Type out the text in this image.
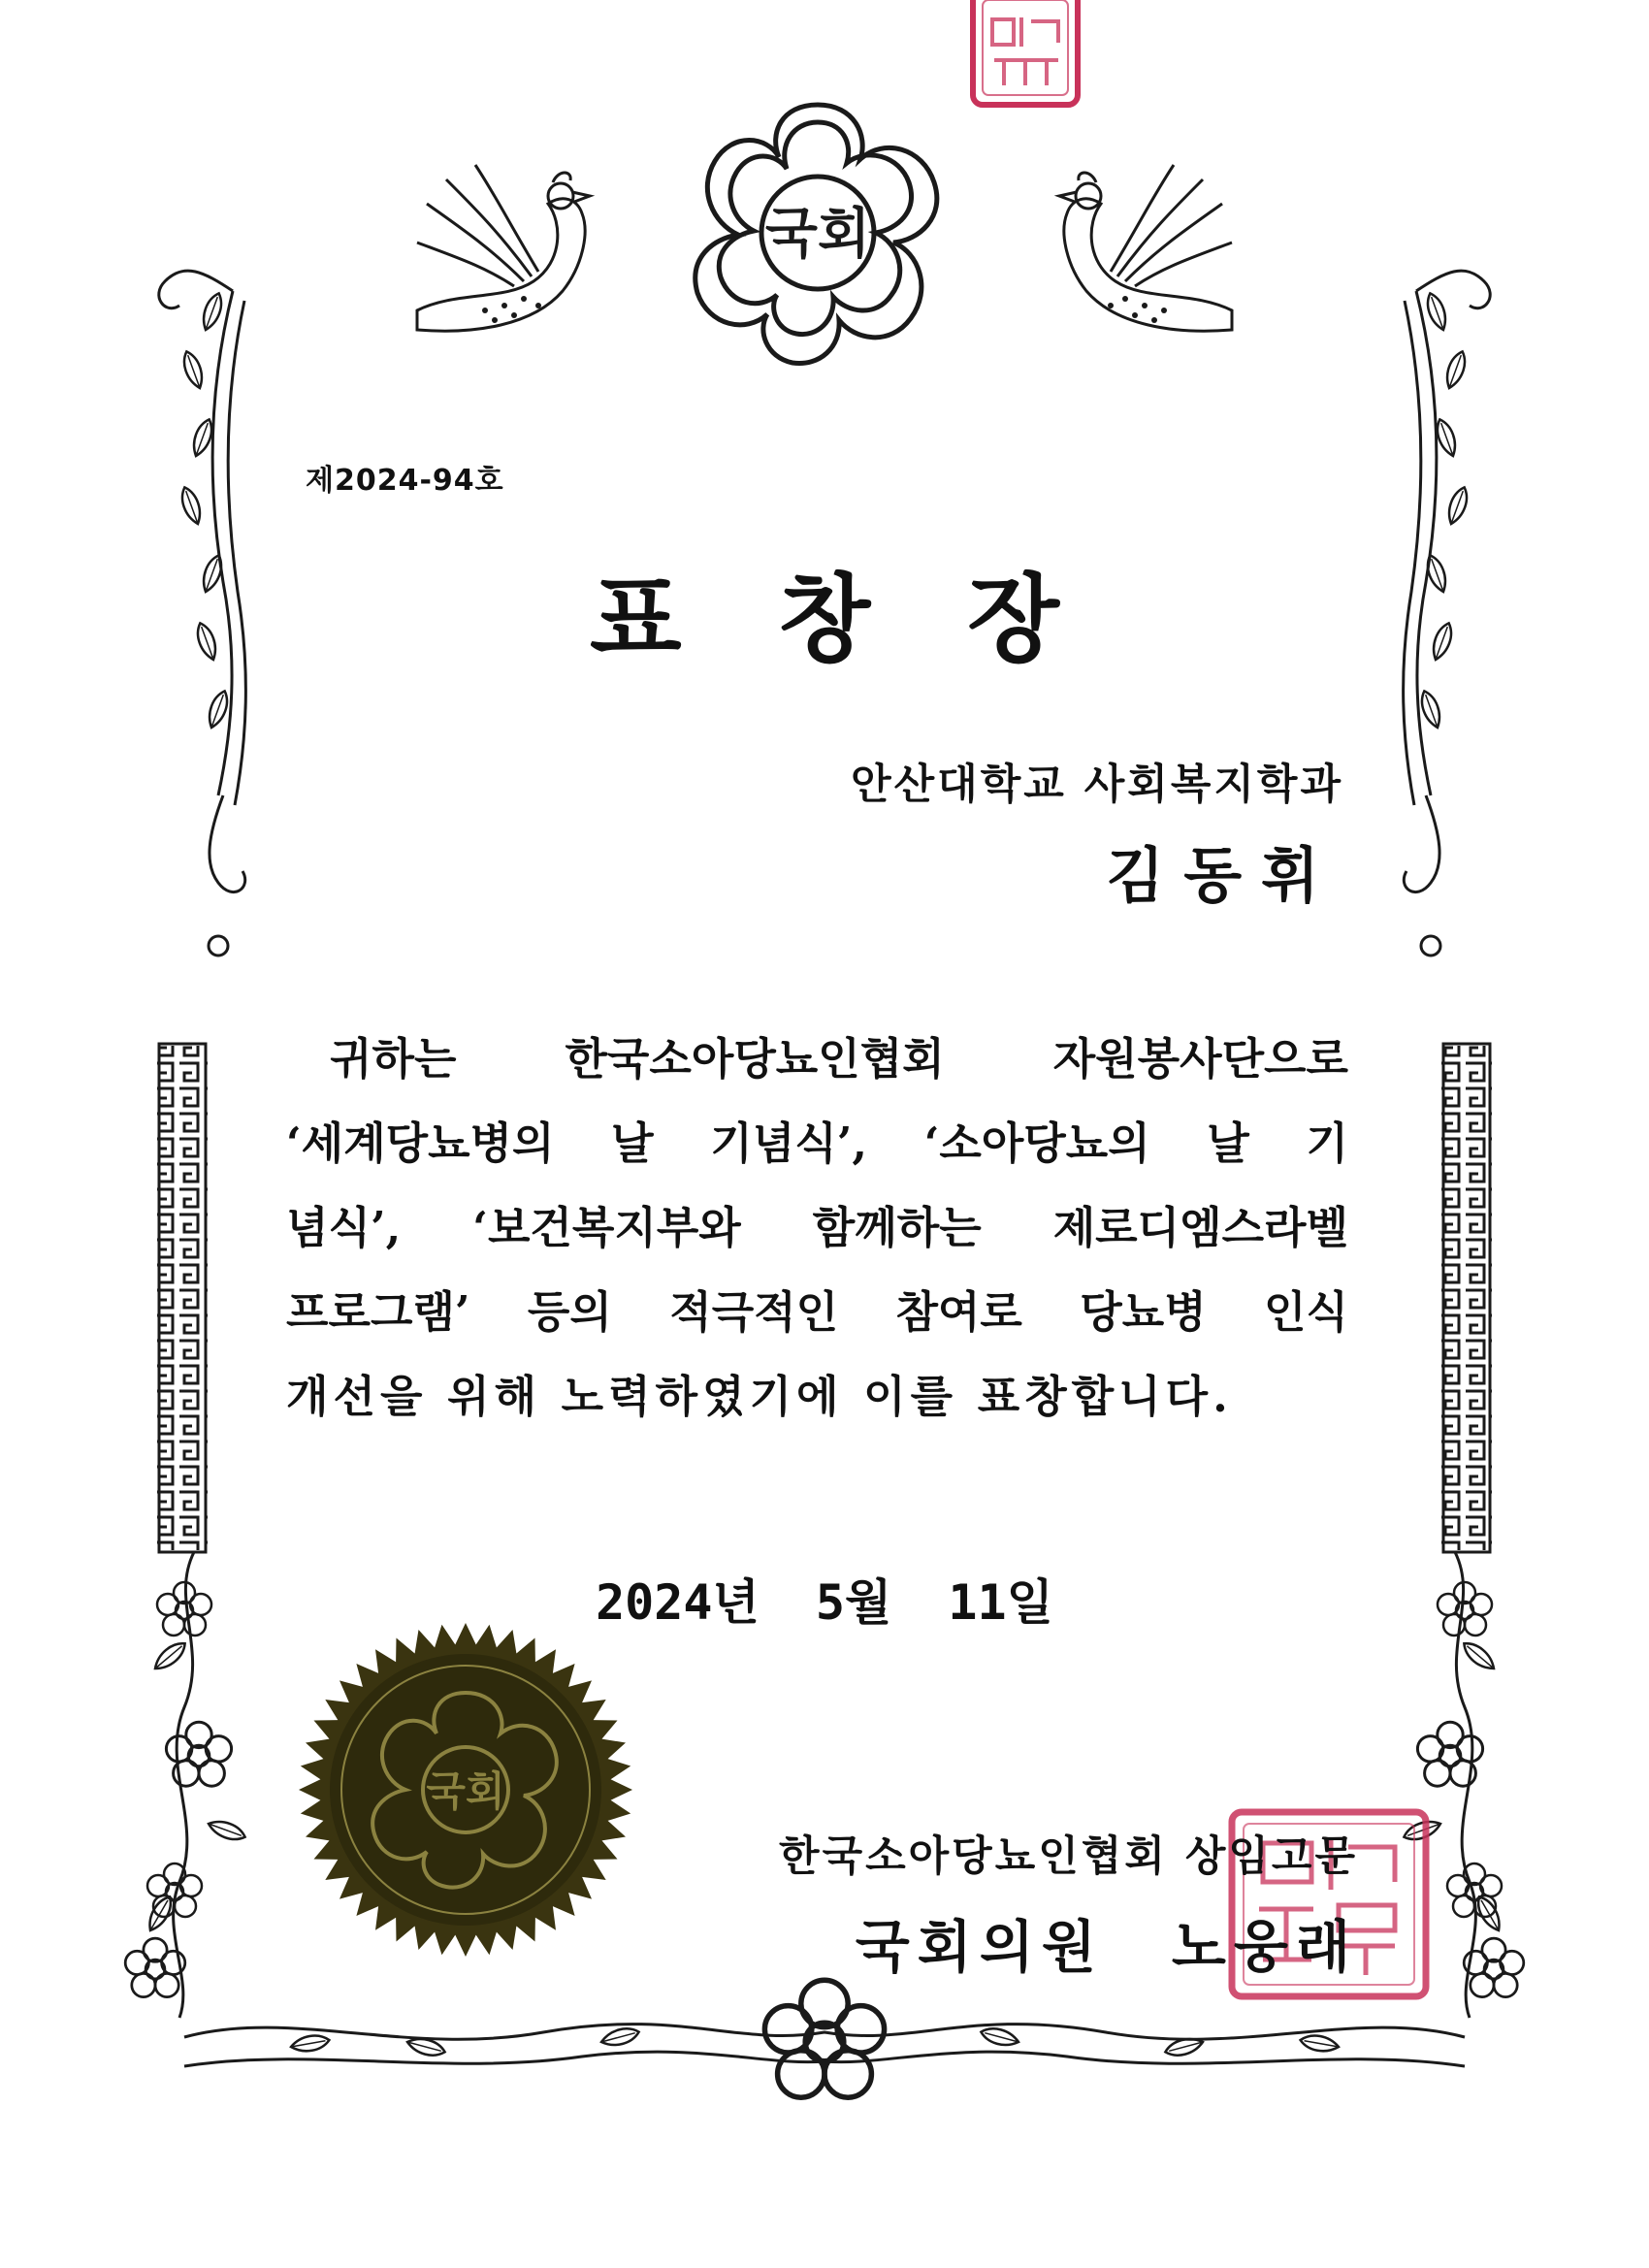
국회
국회
제2024-94호
표창장
안산대학교 사회복지학과
김동휘
귀하는 한국소아당뇨인협회 자원봉사단으로
‘세계당뇨병의 날 기념식’, ‘소아당뇨의 날 기
념식’, ‘보건복지부와 함께하는 제로디엠스라벨
프로그램’ 등의 적극적인 참여로 당뇨병 인식
개선을 위해 노력하였기에 이를 표창합니다.
2024년 5월 11일
한국소아당뇨인협회 상임고문
국회의원 노웅래
